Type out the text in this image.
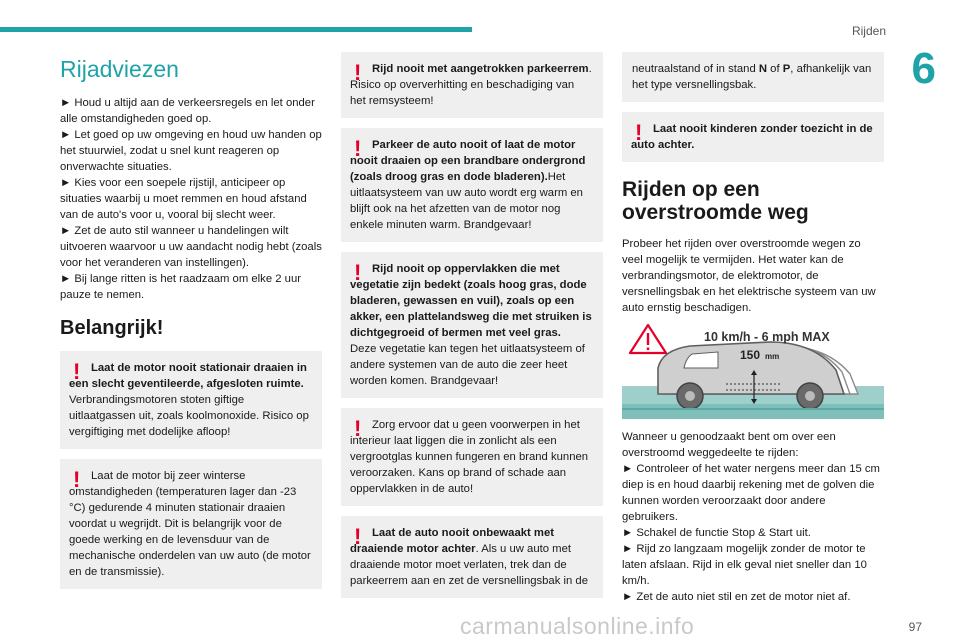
Rijden
6
Rijadviezen

► Houd u altijd aan de verkeersregels en let onder alle omstandigheden goed op.

► Let goed op uw omgeving en houd uw handen op het stuurwiel, zodat u snel kunt reageren op onverwachte situaties.

► Kies voor een soepele rijstijl, anticipeer op situaties waarbij u moet remmen en houd afstand van de auto's voor u, vooral bij slecht weer.

► Zet de auto stil wanneer u handelingen wilt uitvoeren waarvoor u uw aandacht nodig hebt (zoals voor het veranderen van instellingen).

► Bij lange ritten is het raadzaam om elke 2 uur pauze te nemen.

Belangrijk!
! Laat de motor nooit stationair draaien in een slecht geventileerde, afgesloten ruimte. Verbrandingsmotoren stoten giftige uitlaatgassen uit, zoals koolmonoxide. Risico op vergiftiging met dodelijke afloop!
! Laat de motor bij zeer winterse omstandigheden (temperaturen lager dan -23 °C) gedurende 4 minuten stationair draaien voordat u wegrijdt. Dit is belangrijk voor de goede werking en de levensduur van de mechanische onderdelen van uw auto (de motor en de transmissie).
! Rijd nooit met aangetrokken parkeerrem. Risico op oververhitting en beschadiging van het remsysteem!
! Parkeer de auto nooit of laat de motor nooit draaien op een brandbare ondergrond (zoals droog gras en dode bladeren).Het uitlaatsysteem van uw auto wordt erg warm en blijft ook na het afzetten van de motor nog enkele minuten warm. Brandgevaar!
! Rijd nooit op oppervlakken die met vegetatie zijn bedekt (zoals hoog gras, dode bladeren, gewassen en vuil), zoals op een akker, een plattelandsweg die met struiken is dichtgegroeid of bermen met veel gras.
Deze vegetatie kan tegen het uitlaatsysteem of andere systemen van de auto die zeer heet worden komen. Brandgevaar!
! Zorg ervoor dat u geen voorwerpen in het interieur laat liggen die in zonlicht als een vergrootglas kunnen fungeren en brand kunnen veroorzaken. Kans op brand of schade aan oppervlakken in de auto!
! Laat de auto nooit onbewaakt met draaiende motor achter. Als u uw auto met draaiende motor moet verlaten, trek dan de parkeerrem aan en zet de versnellingsbak in de
neutraalstand of in stand N of P, afhankelijk van het type versnellingsbak.
! Laat nooit kinderen zonder toezicht in de auto achter.
Rijden op een overstroomde weg

Probeer het rijden over overstroomde wegen zo veel mogelijk te vermijden. Het water kan de verbrandingsmotor, de elektromotor, de versnellingsbak en het elektrische systeem van uw auto ernstig beschadigen.

10 km/h - 6 mph MAX
150 mm

Wanneer u genoodzaakt bent om over een overstroomd weggedeelte te rijden:

► Controleer of het water nergens meer dan 15 cm diep is en houd daarbij rekening met de golven die kunnen worden veroorzaakt door andere gebruikers.

► Schakel de functie Stop & Start uit.

► Rijd zo langzaam mogelijk zonder de motor te laten afslaan. Rijd in elk geval niet sneller dan 10 km/h.

► Zet de auto niet stil en zet de motor niet af.

97
carmanualsonline.info
